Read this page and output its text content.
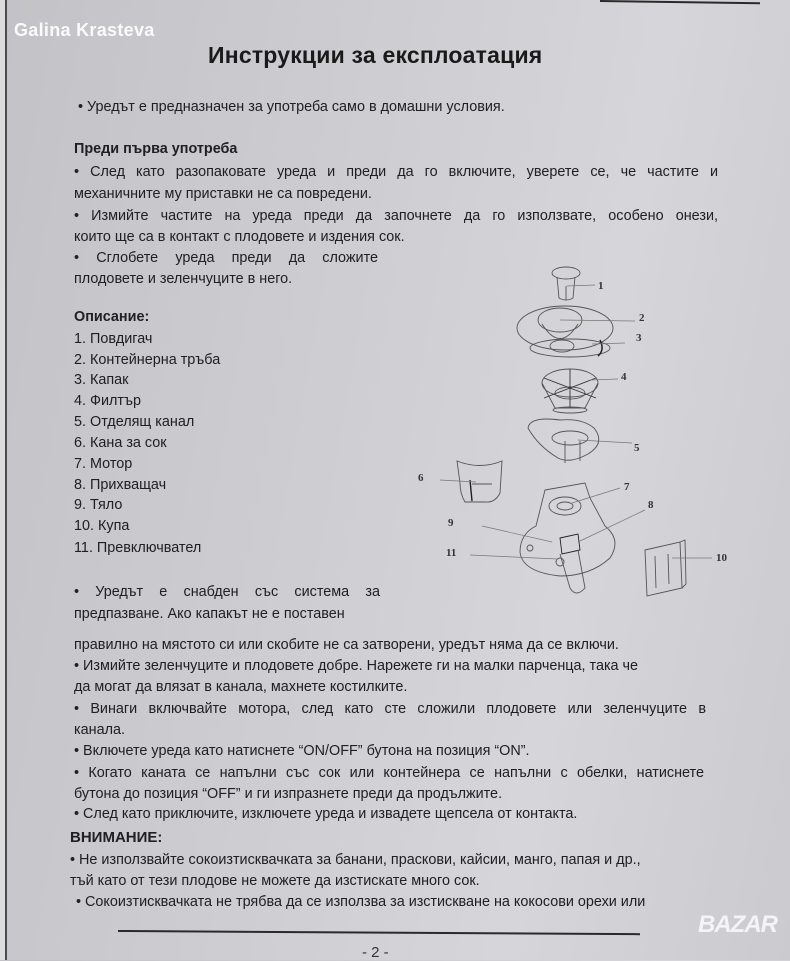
Galina Krasteva
Инструкции за експлоатация
• Уредът е предназначен за употреба само в домашни условия.
Преди първа употреба
• След като разопаковате уреда и преди да го включите, уверете се, че частите и
механичните му приставки не са повредени.
• Измийте частите на уреда преди да започнете да го използвате, особено онези,
които ще са в контакт с плодовете и издения сок.
• Сглобете уреда преди да сложите
плодовете и зеленчуците в него.
Описание:
1. Повдигач
2. Контейнерна тръба
3. Капак
4. Филтър
5. Отделящ канал
6. Кана за сок
7. Мотор
8. Прихващач
9. Тяло
10. Купа
11. Превключвател
1
2
3
4
5
6
7
8
9
11	10
• Уредът е снабден със система за
предпазване. Ако капакът не е поставен
правилно на мястото си или скобите не са затворени, уредът няма да се включи.
• Измийте зеленчуците и плодовете добре. Нарежете ги на малки парченца, така че
да могат да влязат в канала, махнете костилките.
• Винаги включвайте мотора, след като сте сложили плодовете или зеленчуците в
канала.
• Включете уреда като натиснете “ON/OFF” бутона на позиция “ON”.
• Когато каната се напълни със сок или контейнера се напълни с обелки, натиснете
бутона до позиция “OFF” и ги изпразнете преди да продължите.
• След като приключите, изключете уреда и извадете щепсела от контакта.
ВНИМАНИЕ:
• Не използвайте сокоизтисквачката за банани, праскови, кайсии, манго, папая и др.,
тъй като от тези плодове не можете да изстискате много сок.
• Сокоизтисквачката не трябва да се използва за изстискване на кокосови орехи или
- 2 -
BAZAR
